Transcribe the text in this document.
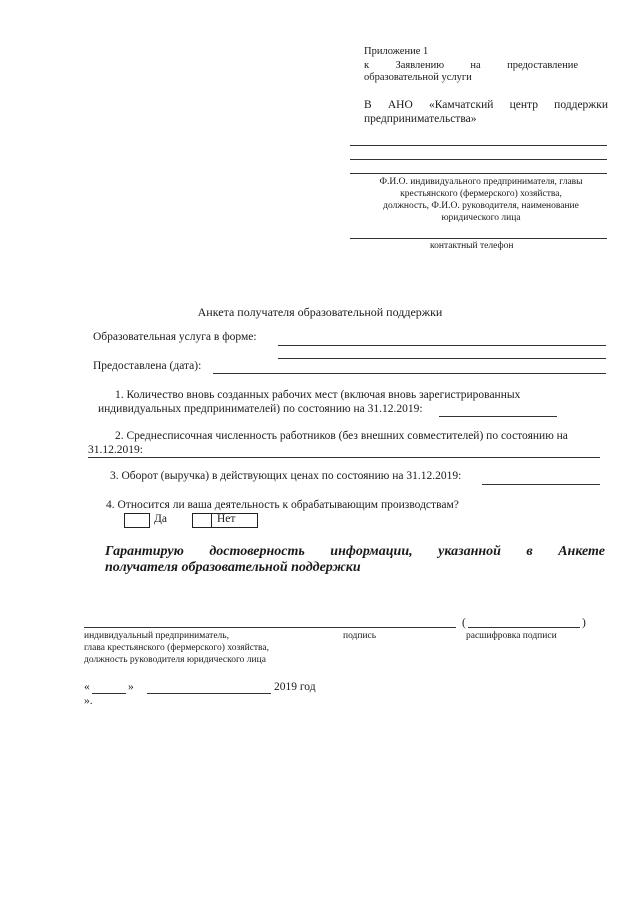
Приложение 1
к	Заявлению	на	предоставление
образовательной услуги
В АНО «Камчатский центр поддержки
предпринимательства»
Ф.И.О. индивидуального предпринимателя, главы
крестьянского (фермерского) хозяйства,
должность, Ф.И.О. руководителя, наименование
юридического лица
контактный телефон
Анкета получателя образовательной поддержки
Образовательная услуга в форме:
Предоставлена (дата):
1. Количество вновь созданных рабочих мест (включая вновь зарегистрированных
индивидуальных предпринимателей) по состоянию на 31.12.2019:
2. Среднесписочная численность работников (без внешних совместителей) по состоянию на
31.12.2019:
3. Оборот (выручка) в действующих ценах по состоянию на 31.12.2019:
4. Относится ли ваша деятельность к обрабатывающим производствам?
Да	Нет
Гарантирую достоверность информации, указанной в Анкете
получателя образовательной поддержки
(	)
индивидуальный предприниматель,
глава крестьянского (фермерского) хозяйства,
должность руководителя юридического лица
подпись	расшифровка подписи
«	»	2019 год
».
